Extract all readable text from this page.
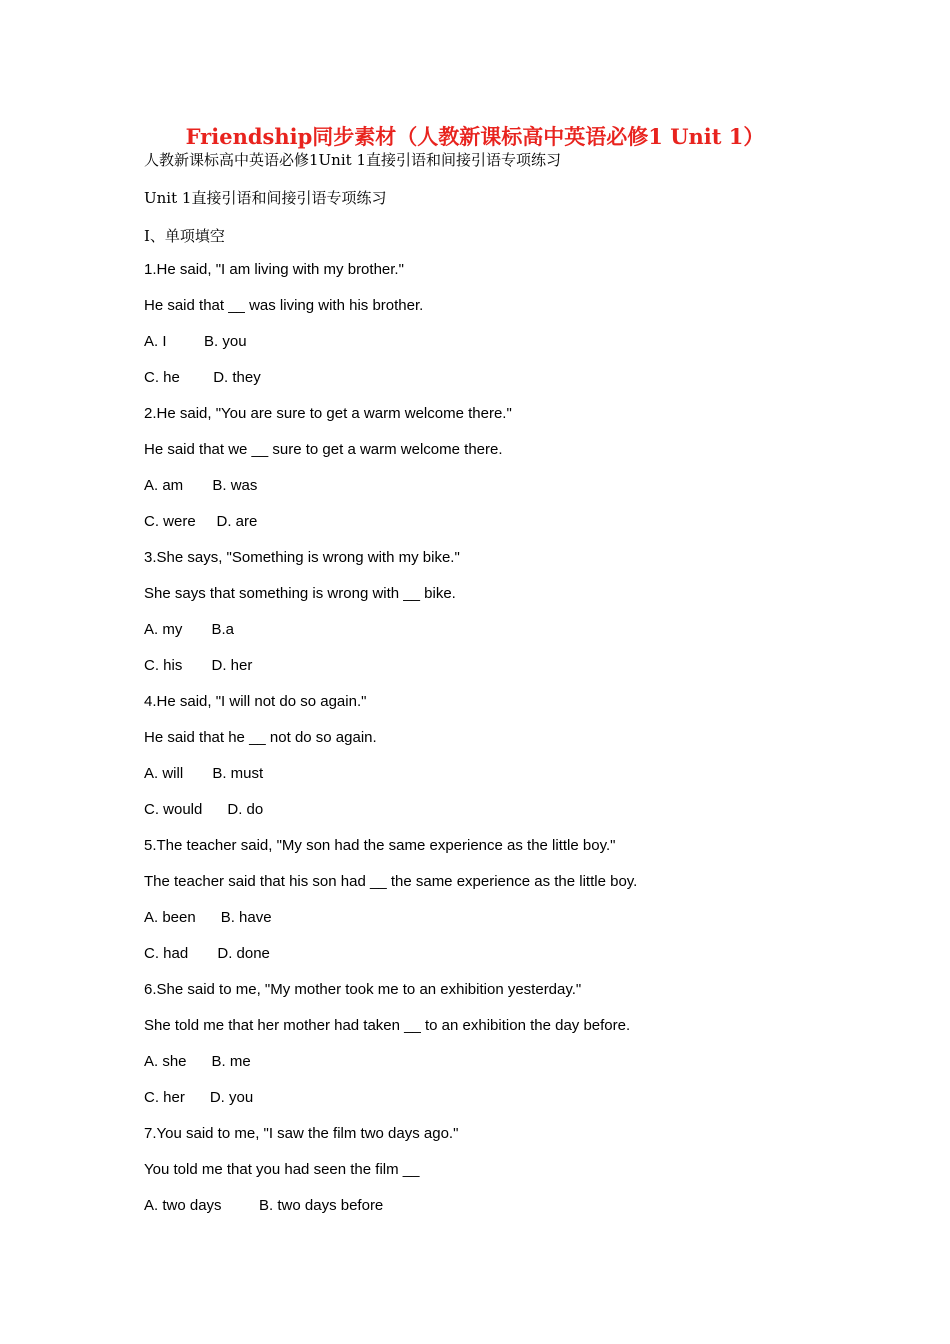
Friendship同步素材（人教新课标高中英语必修1 Unit 1）
人教新课标高中英语必修1Unit 1直接引语和间接引语专项练习
Unit 1直接引语和间接引语专项练习
Ⅰ、单项填空
1.He said, "I am living with my brother."
He said that __ was living with his brother.
A. I         B. you
C. he        D. they
2.He said, "You are sure to get a warm welcome there."
He said that we __ sure to get a warm welcome there.
A. am       B. was
C. were     D. are
3.She says, "Something is wrong with my bike."
She says that something is wrong with __ bike.
A. my       B.a
C. his       D. her
4.He said, "I will not do so again."
He said that he __ not do so again.
A. will       B. must
C. would      D. do
5.The teacher said, "My son had the same experience as the little boy."
The teacher said that his son had __ the same experience as the little boy.
A. been      B. have
C. had       D. done
6.She said to me, "My mother took me to an exhibition yesterday."
She told me that her mother had taken __ to an exhibition the day before.
A. she      B. me
C. her      D. you
7.You said to me, "I saw the film two days ago."
You told me that you had seen the film __
A. two days         B. two days before
